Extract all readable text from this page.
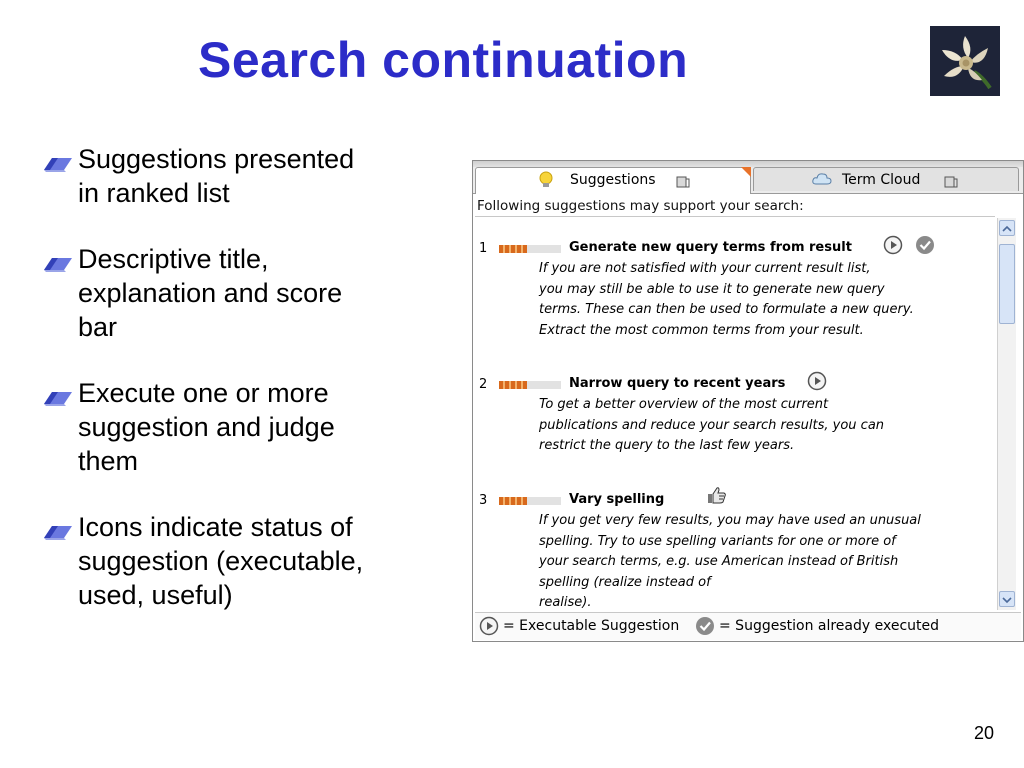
Search continuation
Suggestions presented
in ranked list
Descriptive title,
explanation and score
bar
Execute one or more
suggestion and judge
them
Icons indicate status of
suggestion (executable,
used, useful)
Suggestions	Term Cloud
Following suggestions may support your search:
1	Generate new query terms from result
If you are not satisfied with your current result list,
you may still be able to use it to generate new query
terms. These can then be used to formulate a new query.
Extract the most common terms from your result.
2	Narrow query to recent years
To get a better overview of the most current
publications and reduce your search results, you can
restrict the query to the last few years.
3	Vary spelling
If you get very few results, you may have used an unusual
spelling. Try to use spelling variants for one or more of
your search terms, e.g. use American instead of British
spelling (realize instead of
realise).
= Executable Suggestion	= Suggestion already executed
20
